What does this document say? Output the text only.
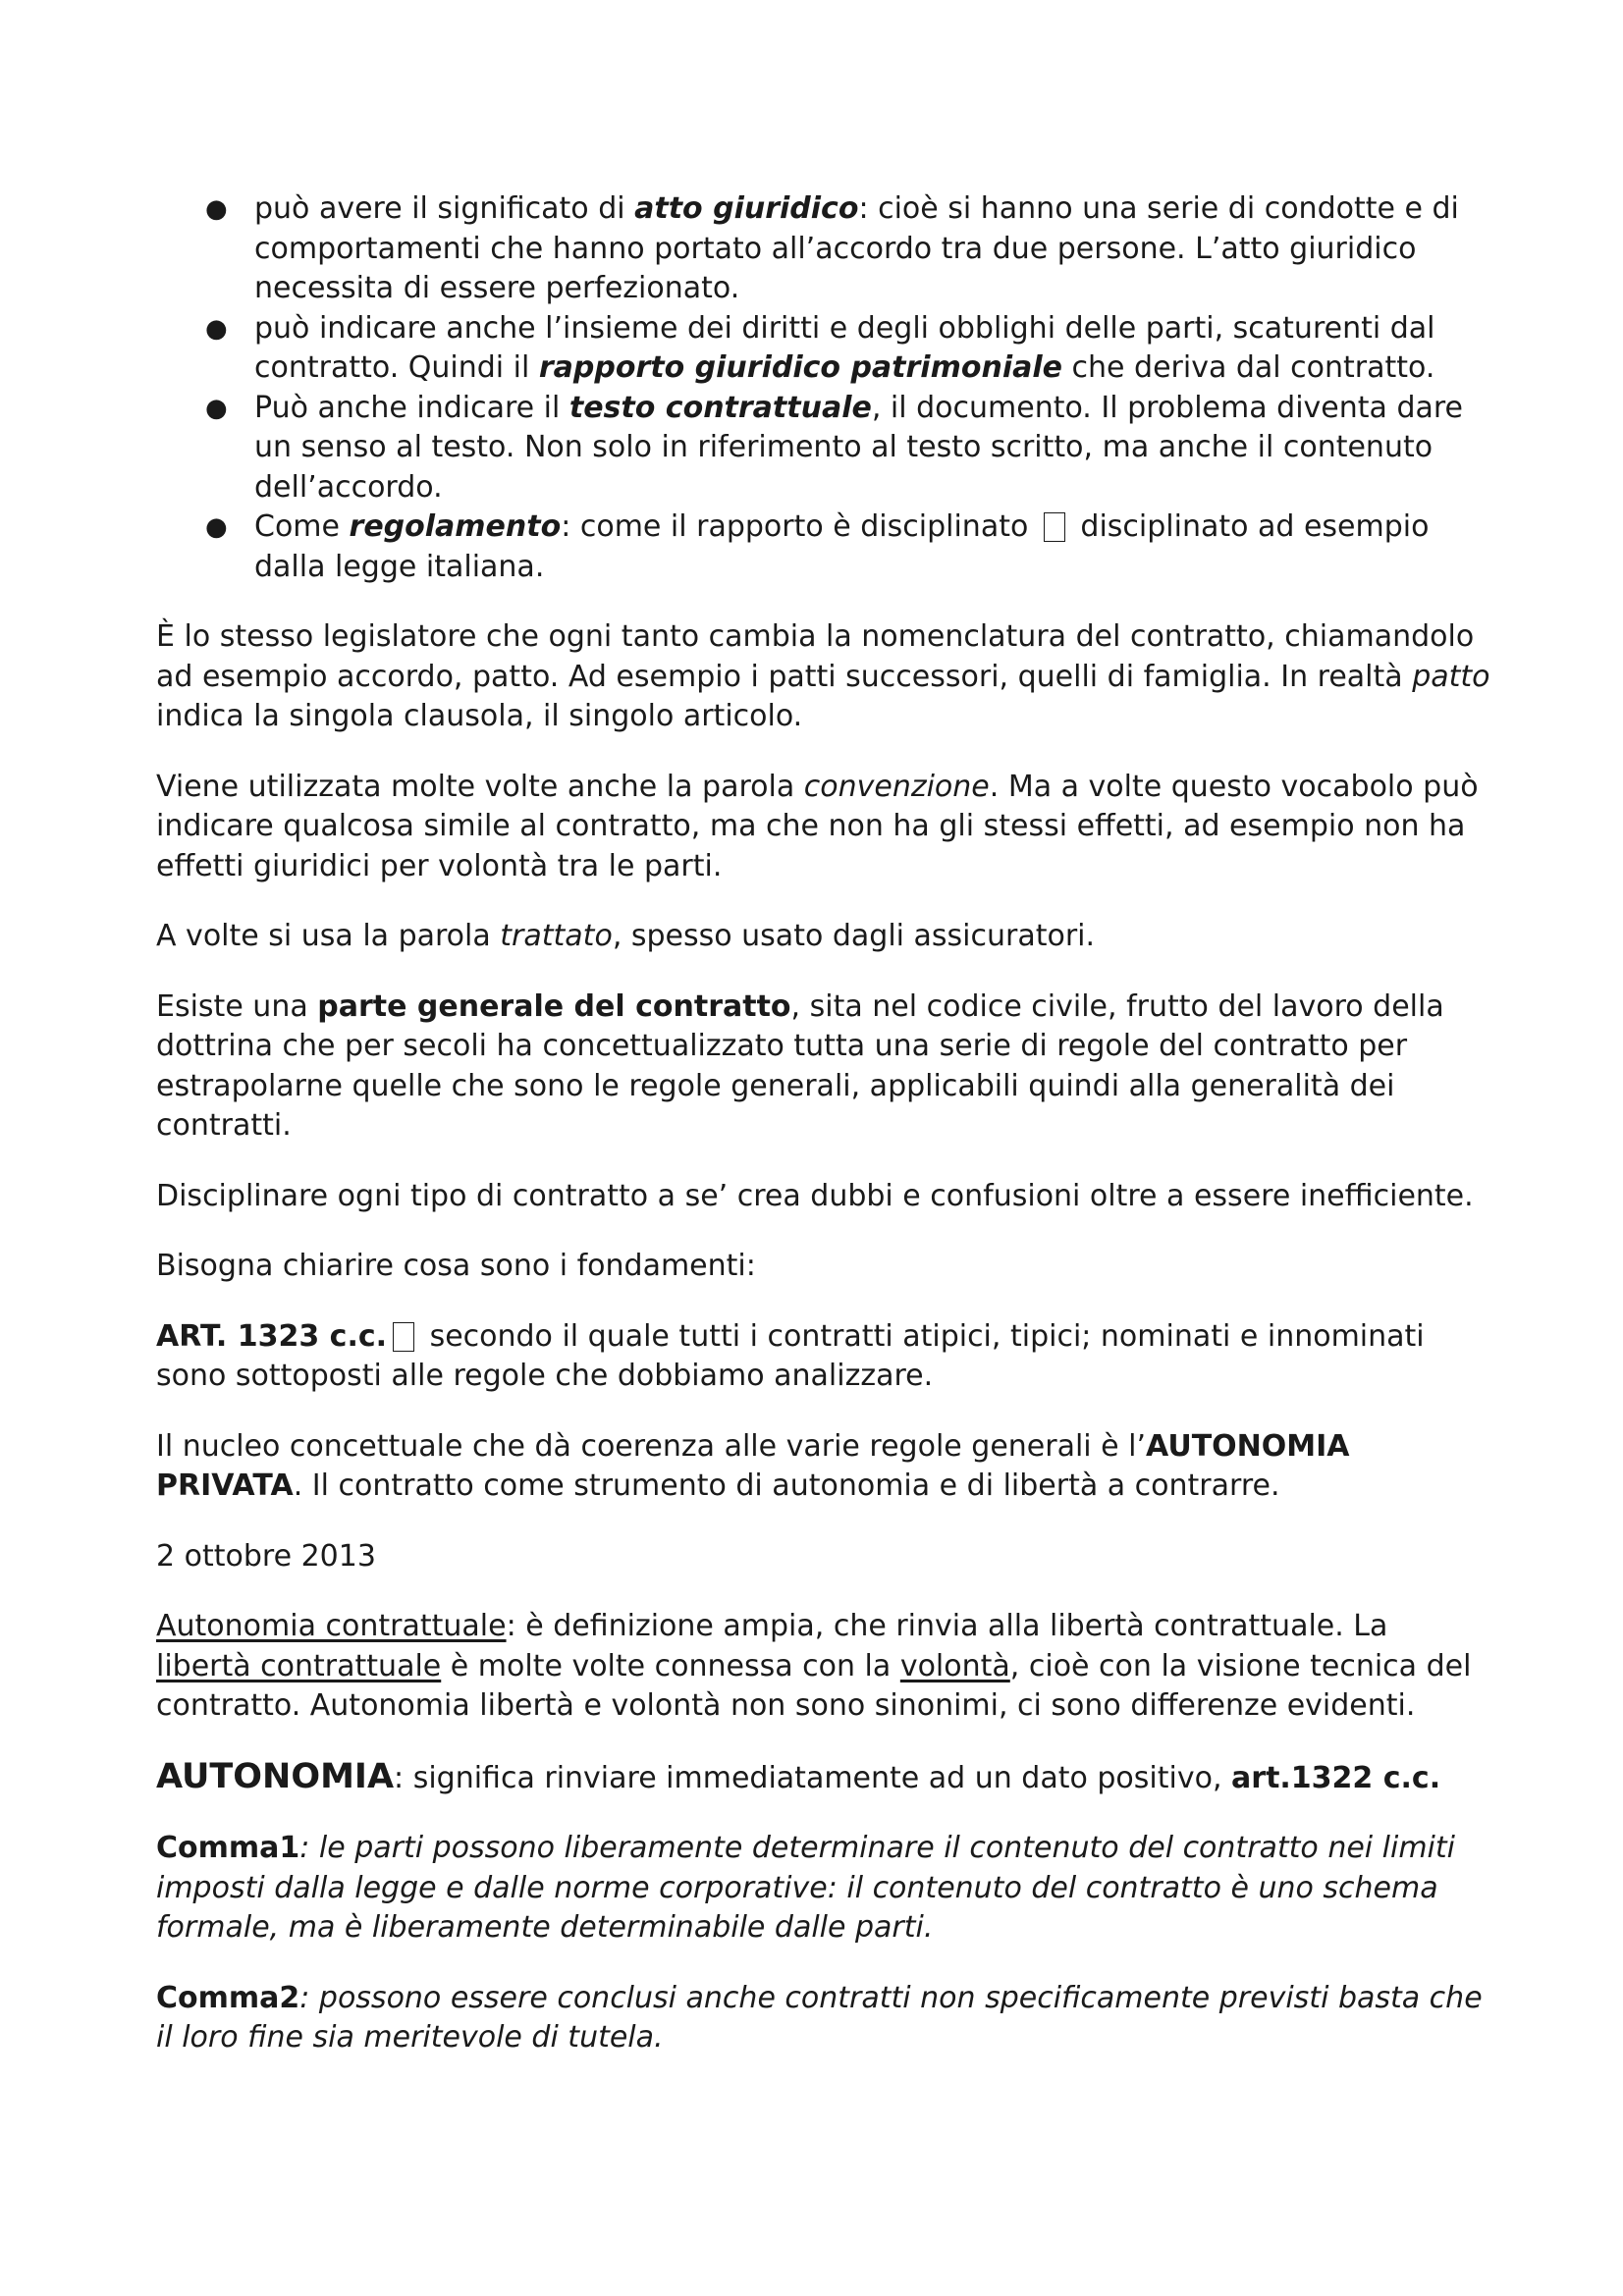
● può avere il significato di atto giuridico: cioè si hanno una serie di condotte e di comportamenti che hanno portato all’accordo tra due persone. L’atto giuridico necessita di essere perfezionato.
● può indicare anche l’insieme dei diritti e degli obblighi delle parti, scaturenti dal contratto. Quindi il rapporto giuridico patrimoniale che deriva dal contratto.
● Può anche indicare il testo contrattuale, il documento. Il problema diventa dare un senso al testo. Non solo in riferimento al testo scritto, ma anche il contenuto dell’accordo.
● Come regolamento: come il rapporto è disciplinato  disciplinato ad esempio dalla legge italiana.

È lo stesso legislatore che ogni tanto cambia la nomenclatura del contratto, chiamandolo ad esempio accordo, patto. Ad esempio i patti successori, quelli di famiglia. In realtà patto indica la singola clausola, il singolo articolo.

Viene utilizzata molte volte anche la parola convenzione. Ma a volte questo vocabolo può indicare qualcosa simile al contratto, ma che non ha gli stessi effetti, ad esempio non ha effetti giuridici per volontà tra le parti.

A volte si usa la parola trattato, spesso usato dagli assicuratori.

Esiste una parte generale del contratto, sita nel codice civile, frutto del lavoro della dottrina che per secoli ha concettualizzato tutta una serie di regole del contratto per estrapolarne quelle che sono le regole generali, applicabili quindi alla generalità dei contratti.

Disciplinare ogni tipo di contratto a se’ crea dubbi e confusioni oltre a essere inefficiente.

Bisogna chiarire cosa sono i fondamenti:

ART. 1323 c.c. secondo il quale tutti i contratti atipici, tipici; nominati e innominati sono sottoposti alle regole che dobbiamo analizzare.

Il nucleo concettuale che dà coerenza alle varie regole generali è l’AUTONOMIA PRIVATA. Il contratto come strumento di autonomia e di libertà a contrarre.

2 ottobre 2013

Autonomia contrattuale: è definizione ampia, che rinvia alla libertà contrattuale. La libertà contrattuale è molte volte connessa con la volontà, cioè con la visione tecnica del contratto. Autonomia libertà e volontà non sono sinonimi, ci sono differenze evidenti.

AUTONOMIA: significa rinviare immediatamente ad un dato positivo, art.1322 c.c.

Comma1: le parti possono liberamente determinare il contenuto del contratto nei limiti imposti dalla legge e dalle norme corporative: il contenuto del contratto è uno schema formale, ma è liberamente determinabile dalle parti.

Comma2: possono essere conclusi anche contratti non specificamente previsti basta che il loro fine sia meritevole di tutela.
